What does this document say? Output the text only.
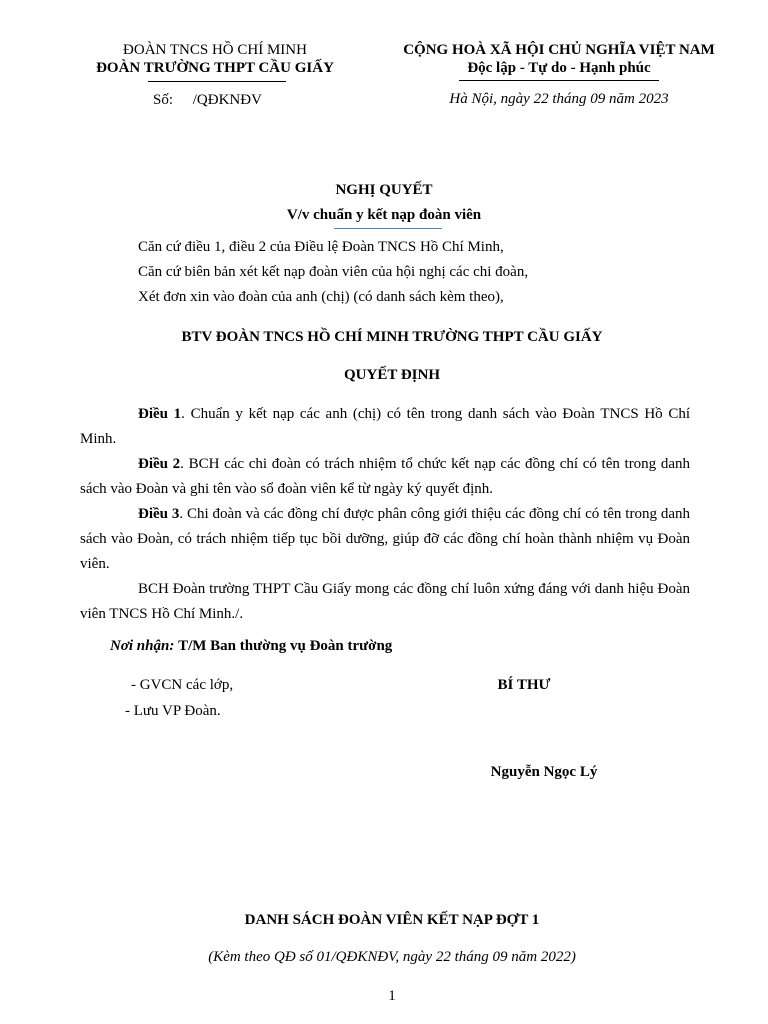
ĐOÀN TNCS HỒ CHÍ MINH
ĐOÀN TRƯỜNG THPT CẦU GIẤY
Số: /QĐKNĐV
CỘNG HOÀ XÃ HỘI CHỦ NGHĨA VIỆT NAM
Độc lập - Tự do - Hạnh phúc
Hà Nội, ngày 22 tháng 09 năm 2023
NGHỊ QUYẾT
V/v chuẩn y kết nạp đoàn viên
Căn cứ điều 1, điều 2 của Điều lệ Đoàn TNCS Hồ Chí Minh,
Căn cứ biên bản xét kết nạp đoàn viên của hội nghị các chi đoàn,
Xét đơn xin vào đoàn của anh (chị) (có danh sách kèm theo),
BTV ĐOÀN TNCS HỒ CHÍ MINH TRƯỜNG THPT CẦU GIẤY
QUYẾT ĐỊNH
Điều 1. Chuẩn y kết nạp các anh (chị) có tên trong danh sách vào Đoàn TNCS Hồ Chí Minh.
Điều 2. BCH các chi đoàn có trách nhiệm tổ chức kết nạp các đồng chí có tên trong danh sách vào Đoàn và ghi tên vào sổ đoàn viên kể từ ngày ký quyết định.
Điều 3. Chi đoàn và các đồng chí được phân công giới thiệu các đồng chí có tên trong danh sách vào Đoàn, có trách nhiệm tiếp tục bồi dưỡng, giúp đỡ các đồng chí hoàn thành nhiệm vụ Đoàn viên.
BCH Đoàn trường THPT Cầu Giấy mong các đồng chí luôn xứng đáng với danh hiệu Đoàn viên TNCS Hồ Chí Minh./.
Nơi nhận: T/M Ban thường vụ Đoàn trường
- GVCN các lớp,
- Lưu VP Đoàn.
BÍ THƯ
Nguyễn Ngọc Lý
DANH SÁCH ĐOÀN VIÊN KẾT NẠP ĐỢT 1
(Kèm theo QĐ số 01/QĐKNĐV, ngày 22 tháng 09 năm 2022)
1
